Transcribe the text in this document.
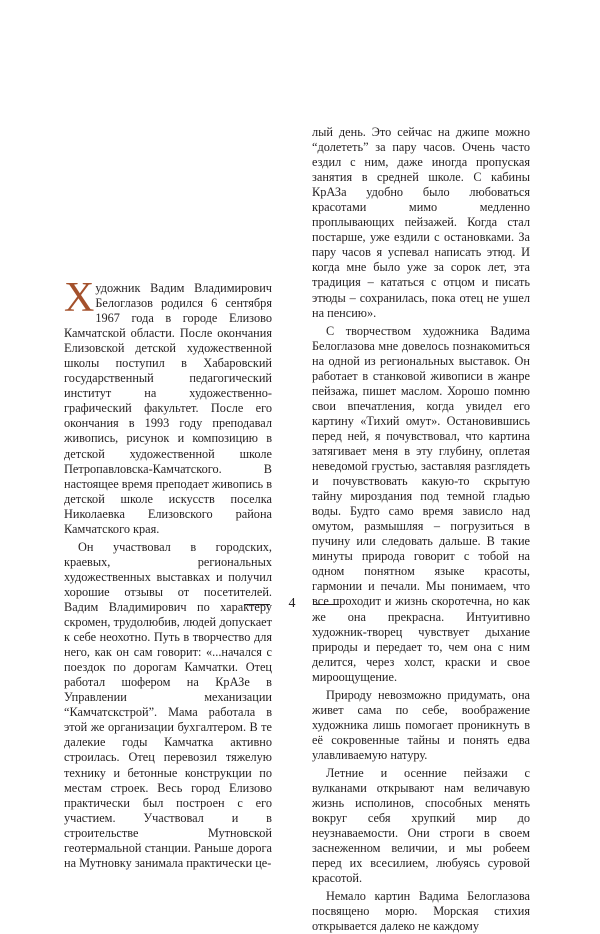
Художник Вадим Владимирович Белоглазов родился 6 сентября 1967 года в городе Елизово Камчатской области. После окончания Елизовской детской художественной школы поступил в Хабаровский государственный педагогический институт на художественно-графический факультет. После его окончания в 1993 году преподавал живопись, рисунок и композицию в детской художественной школе Петропавловска-Камчатского. В настоящее время преподает живопись в детской школе искусств поселка Николаевка Елизовского района Камчатского края.

Он участвовал в городских, краевых, региональных художественных выставках и получил хорошие отзывы от посетителей. Вадим Владимирович по характеру скромен, трудолюбив, людей допускает к себе неохотно. Путь в творчество для него, как он сам говорит: «...начался с поездок по дорогам Камчатки. Отец работал шофером на КрАЗе в Управлении механизации “Камчатскстрой”. Мама работала в этой же организации бухгалтером. В те далекие годы Камчатка активно строилась. Отец перевозил тяжелую технику и бетонные конструкции по местам строек. Весь город Елизово практически был построен с его участием. Участвовал и в строительстве Мутновской геотермальной станции. Раньше дорога на Мутновку занимала практически це-

лый день. Это сейчас на джипе можно “долететь” за пару часов. Очень часто ездил с ним, даже иногда пропуская занятия в средней школе. С кабины КрАЗа удобно было любоваться красотами мимо медленно проплывающих пейзажей. Когда стал постарше, уже ездили с остановками. За пару часов я успевал написать этюд. И когда мне было уже за сорок лет, эта традиция – кататься с отцом и писать этюды – сохранилась, пока отец не ушел на пенсию».

С творчеством художника Вадима Белоглазова мне довелось познакомиться на одной из региональных выставок. Он работает в станковой живописи в жанре пейзажа, пишет маслом. Хорошо помню свои впечатления, когда увидел его картину «Тихий омут». Остановившись перед ней, я почувствовал, что картина затягивает меня в эту глубину, оплетая неведомой грустью, заставляя разглядеть и почувствовать какую-то скрытую тайну мироздания под темной гладью воды. Будто само время зависло над омутом, размышляя – погрузиться в пучину или следовать дальше. В такие минуты природа говорит с тобой на одном понятном языке красоты, гармонии и печали. Мы понимаем, что все проходит и жизнь скоротечна, но как же она прекрасна. Интуитивно художник-творец чувствует дыхание природы и передает то, чем она с ним делится, через холст, краски и свое мироощущение.

Природу невозможно придумать, она живет сама по себе, воображение художника лишь помогает проникнуть в её сокровенные тайны и понять едва улавливаемую натуру.

Летние и осенние пейзажи с вулканами открывают нам величавую жизнь исполинов, способных менять вокруг себя хрупкий мир до неузнаваемости. Они строги в своем заснеженном величии, и мы робеем перед их всесилием, любуясь суровой красотой.

Немало картин Вадима Белоглазова посвящено морю. Морская стихия открывается далеко не каждому

4
